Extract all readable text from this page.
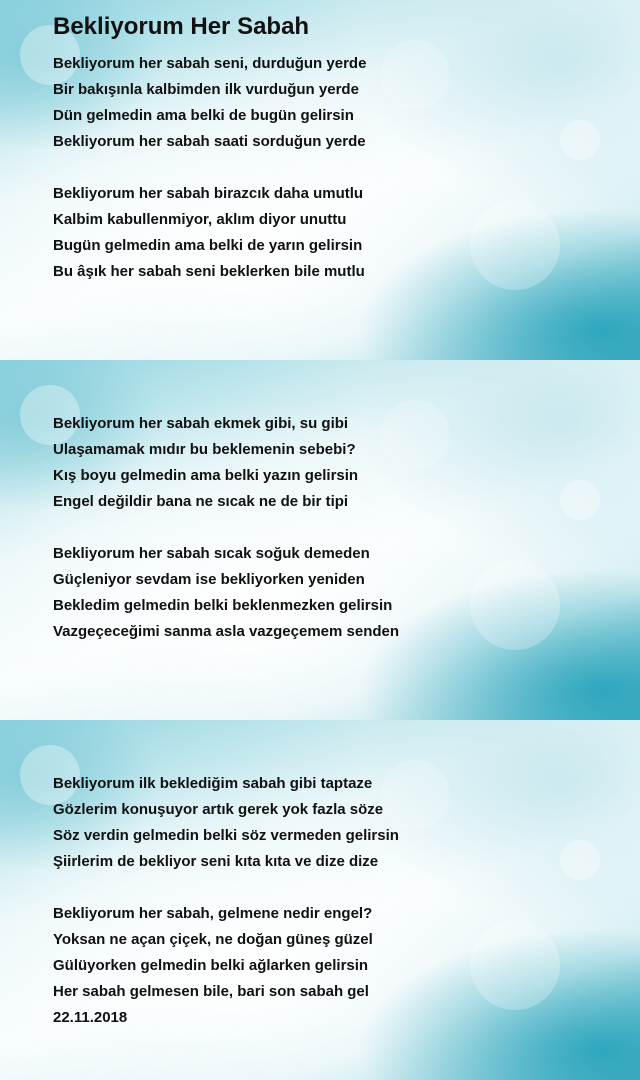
Bekliyorum Her Sabah
Bekliyorum her sabah seni, durduğun yerde
Bir bakışınla kalbimden ilk vurduğun yerde
Dün gelmedin ama belki de bugün gelirsin
Bekliyorum her sabah saati sorduğun yerde
Bekliyorum her sabah birazcık daha umutlu
Kalbim kabullenmiyor, aklım diyor unuttu
Bugün gelmedin ama belki de yarın gelirsin
Bu âşık her sabah seni beklerken bile mutlu
Bekliyorum her sabah ekmek gibi, su gibi
Ulaşamamak mıdır bu beklemenin sebebi?
Kış boyu gelmedin ama belki yazın gelirsin
Engel değildir bana ne sıcak ne de bir tipi
Bekliyorum her sabah sıcak soğuk demeden
Güçleniyor sevdam ise bekliyorken yeniden
Bekledim gelmedin belki beklenmezken gelirsin
Vazgeçeceğimi sanma asla vazgeçemem senden
Bekliyorum ilk beklediğim sabah gibi taptaze
Gözlerim konuşuyor artık gerek yok fazla söze
Söz verdin gelmedin belki söz vermeden gelirsin
Şiirlerim de bekliyor seni kıta kıta ve dize dize
Bekliyorum her sabah, gelmene nedir engel?
Yoksan ne açan çiçek, ne doğan güneş güzel
Gülüyorken gelmedin belki ağlarken gelirsin
Her sabah gelmesen bile, bari son sabah gel
22.11.2018
